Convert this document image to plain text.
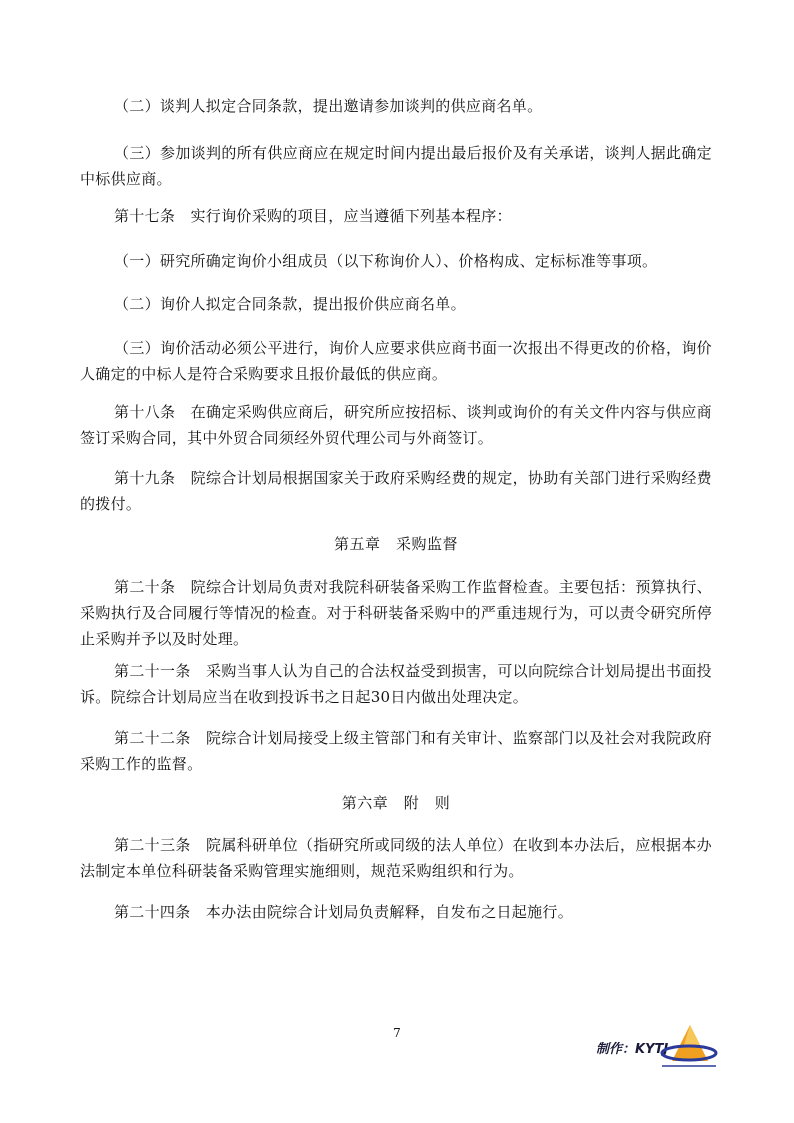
（二）谈判人拟定合同条款，提出邀请参加谈判的供应商名单。

（三）参加谈判的所有供应商应在规定时间内提出最后报价及有关承诺，谈判人据此确定中标供应商。

第十七条　实行询价采购的项目，应当遵循下列基本程序：

（一）研究所确定询价小组成员（以下称询价人）、价格构成、定标标准等事项。

（二）询价人拟定合同条款，提出报价供应商名单。

（三）询价活动必须公平进行，询价人应要求供应商书面一次报出不得更改的价格，询价人确定的中标人是符合采购要求且报价最低的供应商。

第十八条　在确定采购供应商后，研究所应按招标、谈判或询价的有关文件内容与供应商签订采购合同，其中外贸合同须经外贸代理公司与外商签订。

第十九条　院综合计划局根据国家关于政府采购经费的规定，协助有关部门进行采购经费的拨付。

第五章　采购监督

第二十条　院综合计划局负责对我院科研装备采购工作监督检查。主要包括：预算执行、采购执行及合同履行等情况的检查。对于科研装备采购中的严重违规行为，可以责令研究所停止采购并予以及时处理。

第二十一条　采购当事人认为自己的合法权益受到损害，可以向院综合计划局提出书面投诉。院综合计划局应当在收到投诉书之日起30日内做出处理决定。

第二十二条　院综合计划局接受上级主管部门和有关审计、监察部门以及社会对我院政府采购工作的监督。

第六章　附　则

第二十三条　院属科研单位（指研究所或同级的法人单位）在收到本办法后，应根据本办法制定本单位科研装备采购管理实施细则，规范采购组织和行为。

第二十四条　本办法由院综合计划局负责解释，自发布之日起施行。

7
制作：KYTJ
